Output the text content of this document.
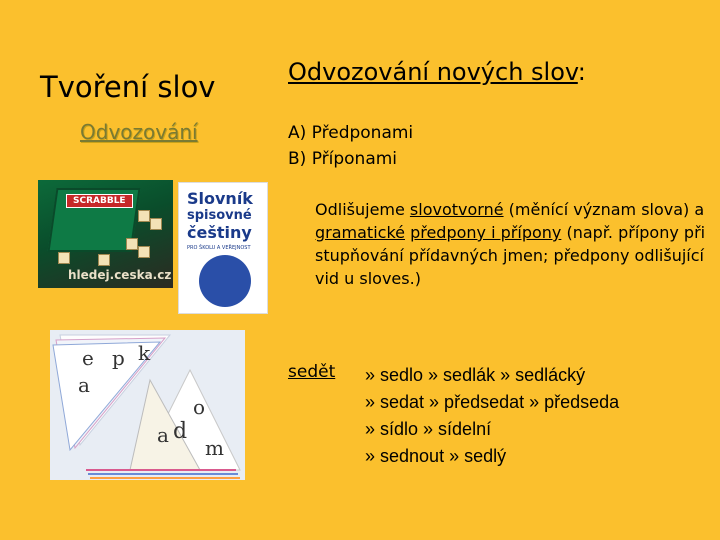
Tvoření slov
Odvozování
Odvozování nových slov:
A) Předponami
B) Příponami
Odlišujeme slovotvorné (měnící význam slova) a gramatické předpony i přípony (např. přípony při stupňování přídavných jmen; předpony odlišující vid u sloves.)
sedět » sedlo » sedlák » sedlácký
» sedat » předsedat » předseda
» sídlo » sídelní
» sednout » sedlý
SCRABBLE
hledej.ceska.cz
Slovník
spisovné
češtiny
PRO ŠKOLU A VEŘEJNOST
e p k
a
o
a d
m
